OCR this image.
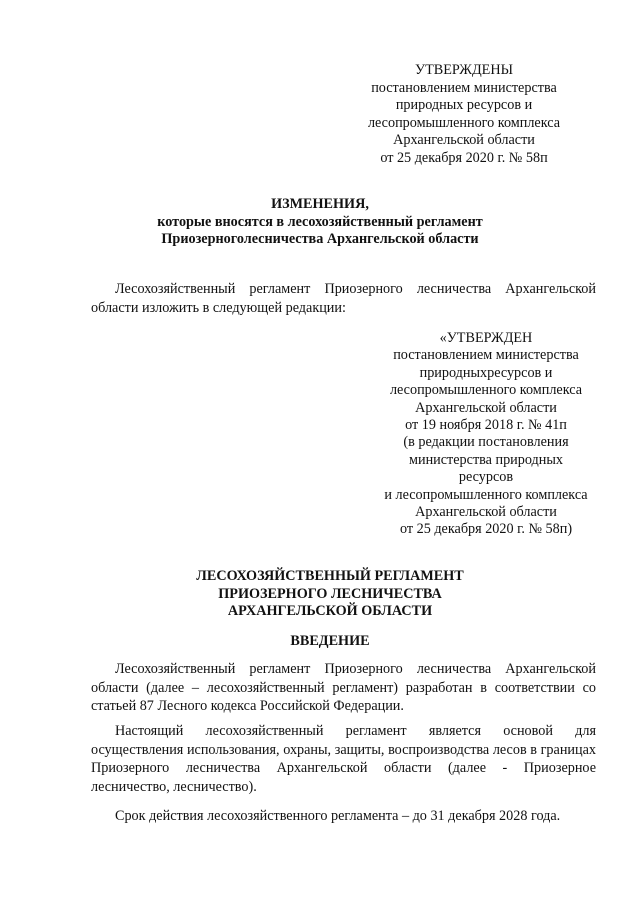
УТВЕРЖДЕНЫ
постановлением министерства
природных ресурсов и
лесопромышленного комплекса
Архангельской области
от 25 декабря 2020 г. № 58п
ИЗМЕНЕНИЯ,
которые вносятся в лесохозяйственный регламент
Приозерноголесничества Архангельской области
Лесохозяйственный регламент Приозерного лесничества Архангельской области изложить в следующей редакции:
«УТВЕРЖДЕН
постановлением министерства
природныхресурсов и
лесопромышленного комплекса
Архангельской области
от 19 ноября 2018 г. № 41п
(в редакции постановления
министерства природных
ресурсов
и лесопромышленного комплекса
Архангельской области
от 25 декабря 2020 г. № 58п)
ЛЕСОХОЗЯЙСТВЕННЫЙ РЕГЛАМЕНТ
ПРИОЗЕРНОГО ЛЕСНИЧЕСТВА
АРХАНГЕЛЬСКОЙ ОБЛАСТИ
ВВЕДЕНИЕ
Лесохозяйственный регламент Приозерного лесничества Архангельской области (далее – лесохозяйственный регламент) разработан в соответствии со статьей 87 Лесного кодекса Российской Федерации.
Настоящий лесохозяйственный регламент является основой для осуществления использования, охраны, защиты, воспроизводства лесов в границах Приозерного лесничества Архангельской области (далее - Приозерное лесничество, лесничество).
Срок действия лесохозяйственного регламента – до 31 декабря 2028 года.
